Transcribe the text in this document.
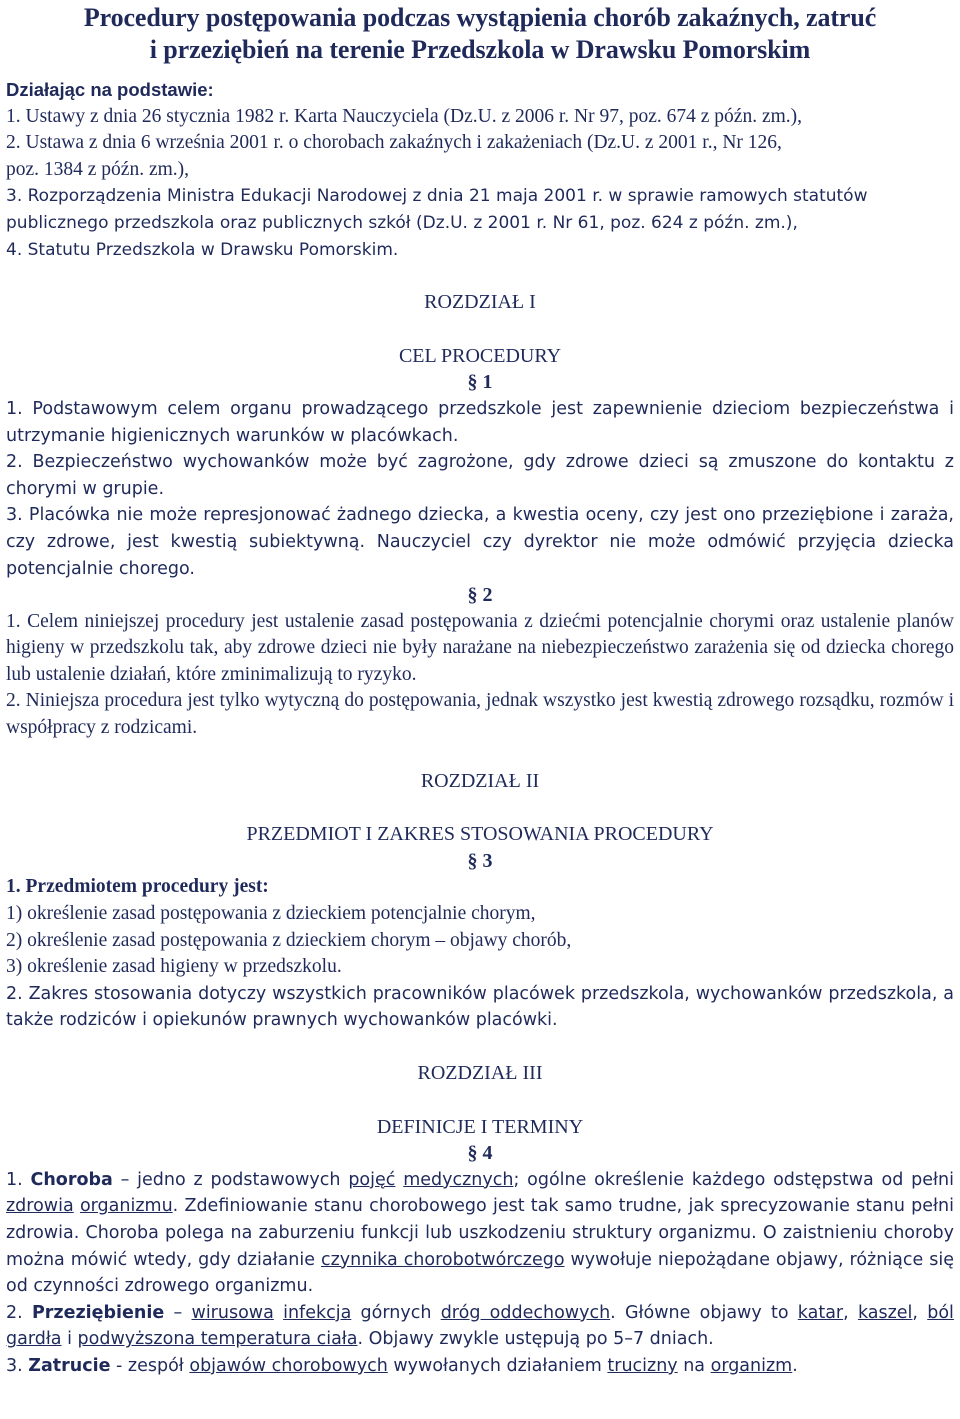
Procedury postępowania podczas wystąpienia chorób zakaźnych, zatruć
i przeziębień na terenie Przedszkola w Drawsku Pomorskim

Działając na podstawie:

1. Ustawy z dnia 26 stycznia 1982 r. Karta Nauczyciela (Dz.U. z 2006 r. Nr 97, poz. 674 z późn. zm.),

2. Ustawa z dnia 6 września 2001 r. o chorobach zakaźnych i zakażeniach (Dz.U. z 2001 r., Nr 126,

poz. 1384 z późn. zm.),

3. Rozporządzenia Ministra Edukacji Narodowej z dnia 21 maja 2001 r. w sprawie ramowych statutów

publicznego przedszkola oraz publicznych szkół (Dz.U. z 2001 r. Nr 61, poz. 624 z późn. zm.),

4. Statutu Przedszkola w Drawsku Pomorskim.

ROZDZIAŁ I
CEL PROCEDURY
§ 1

1. Podstawowym celem organu prowadzącego przedszkole jest zapewnienie dzieciom bezpieczeństwa i utrzymanie higienicznych warunków w placówkach.

2. Bezpieczeństwo wychowanków może być zagrożone, gdy zdrowe dzieci są zmuszone do kontaktu z chorymi w grupie.

3. Placówka nie może represjonować żadnego dziecka, a kwestia oceny, czy jest ono przeziębione i zaraża, czy zdrowe, jest kwestią subiektywną. Nauczyciel czy dyrektor nie może odmówić przyjęcia dziecka potencjalnie chorego.

§ 2

1. Celem niniejszej procedury jest ustalenie zasad postępowania z dziećmi potencjalnie chorymi oraz ustalenie planów higieny w przedszkolu tak, aby zdrowe dzieci nie były narażane na niebezpieczeństwo zarażenia się od dziecka chorego lub ustalenie działań, które zminimalizują to ryzyko.

2. Niniejsza procedura jest tylko wytyczną do postępowania, jednak wszystko jest kwestią zdrowego rozsądku, rozmów i współpracy z rodzicami.

ROZDZIAŁ II
PRZEDMIOT I ZAKRES STOSOWANIA PROCEDURY
§ 3

1. Przedmiotem procedury jest:

1) określenie zasad postępowania z dzieckiem potencjalnie chorym,

2) określenie zasad postępowania z dzieckiem chorym – objawy chorób,

3) określenie zasad higieny w przedszkolu.

2. Zakres stosowania dotyczy wszystkich pracowników placówek przedszkola, wychowanków przedszkola, a także rodziców i opiekunów prawnych wychowanków placówki.

ROZDZIAŁ III
DEFINICJE I TERMINY
§ 4

1. Choroba – jedno z podstawowych pojęć medycznych; ogólne określenie każdego odstępstwa od pełni zdrowia organizmu. Zdefiniowanie stanu chorobowego jest tak samo trudne, jak sprecyzowanie stanu pełni zdrowia. Choroba polega na zaburzeniu funkcji lub uszkodzeniu struktury organizmu. O zaistnieniu choroby można mówić wtedy, gdy działanie czynnika chorobotwórczego wywołuje niepożądane objawy, różniące się od czynności zdrowego organizmu.

2. Przeziębienie – wirusowa infekcja górnych dróg oddechowych. Główne objawy to katar, kaszel, ból gardła i podwyższona temperatura ciała. Objawy zwykle ustępują po 5–7 dniach.

3. Zatrucie - zespół objawów chorobowych wywołanych działaniem trucizny na organizm.
